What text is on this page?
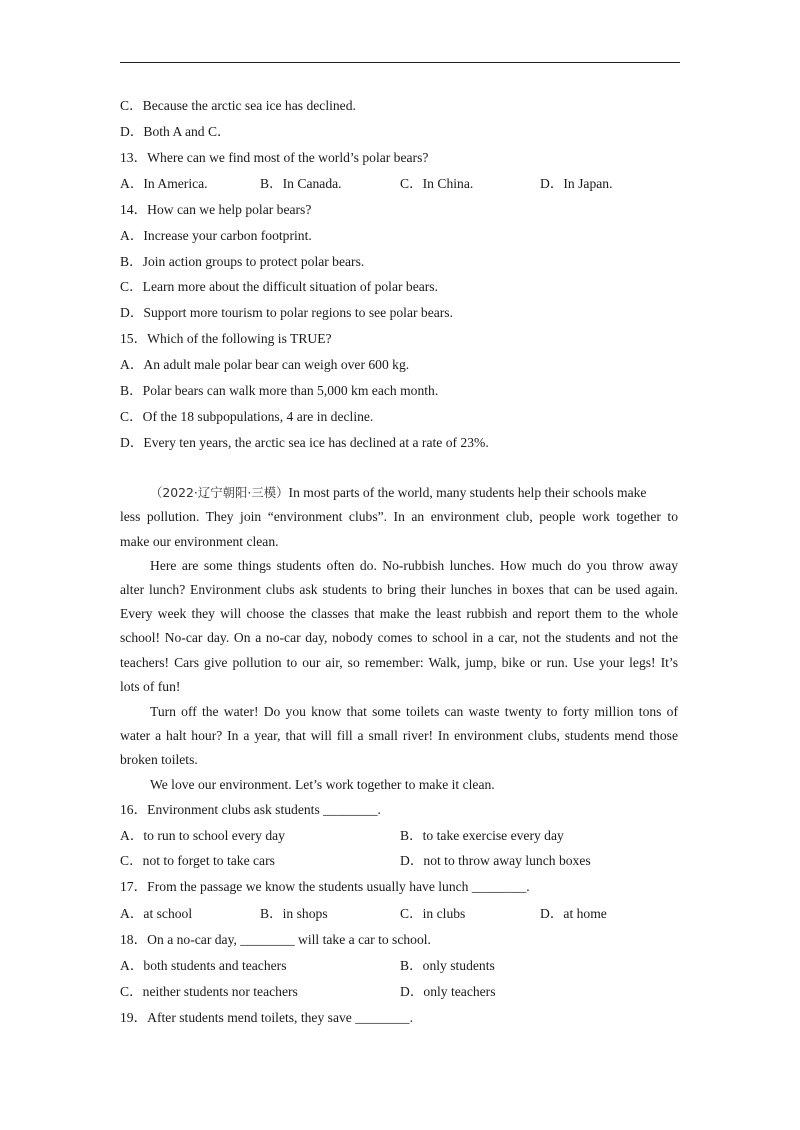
C．Because the arctic sea ice has declined.
D．Both A and C．
13．Where can we find most of the world’s polar bears?
A．In America.	B．In Canada.	C．In China.	D．In Japan.
14．How can we help polar bears?
A．Increase your carbon footprint.
B．Join action groups to protect polar bears.
C．Learn more about the difficult situation of polar bears.
D．Support more tourism to polar regions to see polar bears.
15．Which of the following is TRUE?
A．An adult male polar bear can weigh over 600 kg.
B．Polar bears can walk more than 5,000 km each month.
C．Of the 18 subpopulations, 4 are in decline.
D．Every ten years, the arctic sea ice has declined at a rate of 23%.
（2022·辽宁朝阳·三模）In most parts of the world, many students help their schools make
less pollution. They join “environment clubs”. In an environment club, people work together to
make our environment clean.
Here are some things students often do. No-rubbish lunches. How much do you throw away
alter lunch? Environment clubs ask students to bring their lunches in boxes that can be used again.
Every week they will choose the classes that make the least rubbish and report them to the whole
school! No-car day. On a no-car day, nobody comes to school in a car, not the students and not the
teachers! Cars give pollution to our air, so remember: Walk, jump, bike or run. Use your legs! It’s
lots of fun!
Turn off the water! Do you know that some toilets can waste twenty to forty million tons of
water a halt hour? In a year, that will fill a small river! In environment clubs, students mend those
broken toilets.
We love our environment. Let’s work together to make it clean.
16．Environment clubs ask students ________.
A．to run to school every day	B．to take exercise every day
C．not to forget to take cars	D．not to throw away lunch boxes
17．From the passage we know the students usually have lunch ________.
A．at school	B．in shops	C．in clubs	D．at home
18．On a no-car day, ________ will take a car to school.
A．both students and teachers	B．only students
C．neither students nor teachers	D．only teachers
19．After students mend toilets, they save ________.
